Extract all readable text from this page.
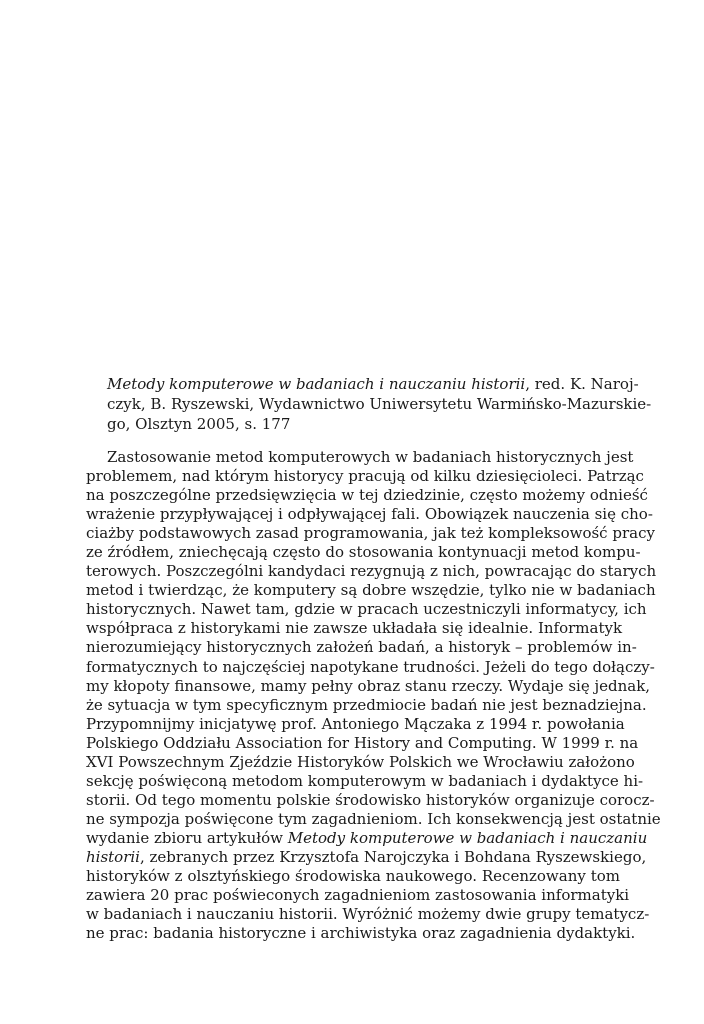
Metody komputerowe w badaniach i nauczaniu historii, red. K. Naroj-
czyk, B. Ryszewski, Wydawnictwo Uniwersytetu Warmińsko-Mazurskie-
go, Olsztyn 2005, s. 177
Zastosowanie metod komputerowych w badaniach historycznych jest
problemem, nad którym historycy pracują od kilku dziesięcioleci. Patrząc
na poszczególne przedsięwzięcia w tej dziedzinie, często możemy odnieść
wrażenie przypływającej i odpływającej fali. Obowiązek nauczenia się cho-
ciażby podstawowych zasad programowania, jak też kompleksowość pracy
ze źródłem, zniechęcają często do stosowania kontynuacji metod kompu-
terowych. Poszczególni kandydaci rezygnują z nich, powracając do starych
metod i twierdząc, że komputery są dobre wszędzie, tylko nie w badaniach
historycznych. Nawet tam, gdzie w pracach uczestniczyli informatycy, ich
współpraca z historykami nie zawsze układała się idealnie. Informatyk
nierozumiejący historycznych założeń badań, a historyk – problemów in-
formatycznych to najczęściej napotykane trudności. Jeżeli do tego dołączy-
my kłopoty finansowe, mamy pełny obraz stanu rzeczy. Wydaje się jednak,
że sytuacja w tym specyficznym przedmiocie badań nie jest beznadziejna.
Przypomnijmy inicjatywę prof. Antoniego Mączaka z 1994 r. powołania
Polskiego Oddziału Association for History and Computing. W 1999 r. na
XVI Powszechnym Zjeździe Historyków Polskich we Wrocławiu założono
sekcję poświęconą metodom komputerowym w badaniach i dydaktyce hi-
storii. Od tego momentu polskie środowisko historyków organizuje corocz-
ne sympozja poświęcone tym zagadnieniom. Ich konsekwencją jest ostatnie
wydanie zbioru artykułów Metody komputerowe w badaniach i nauczaniu
historii, zebranych przez Krzysztofa Narojczyka i Bohdana Ryszewskiego,
historyków z olsztyńskiego środowiska naukowego. Recenzowany tom
zawiera 20 prac poświeconych zagadnieniom zastosowania informatyki
w badaniach i nauczaniu historii. Wyróżnić możemy dwie grupy tematycz-
ne prac: badania historyczne i archiwistyka oraz zagadnienia dydaktyki.
